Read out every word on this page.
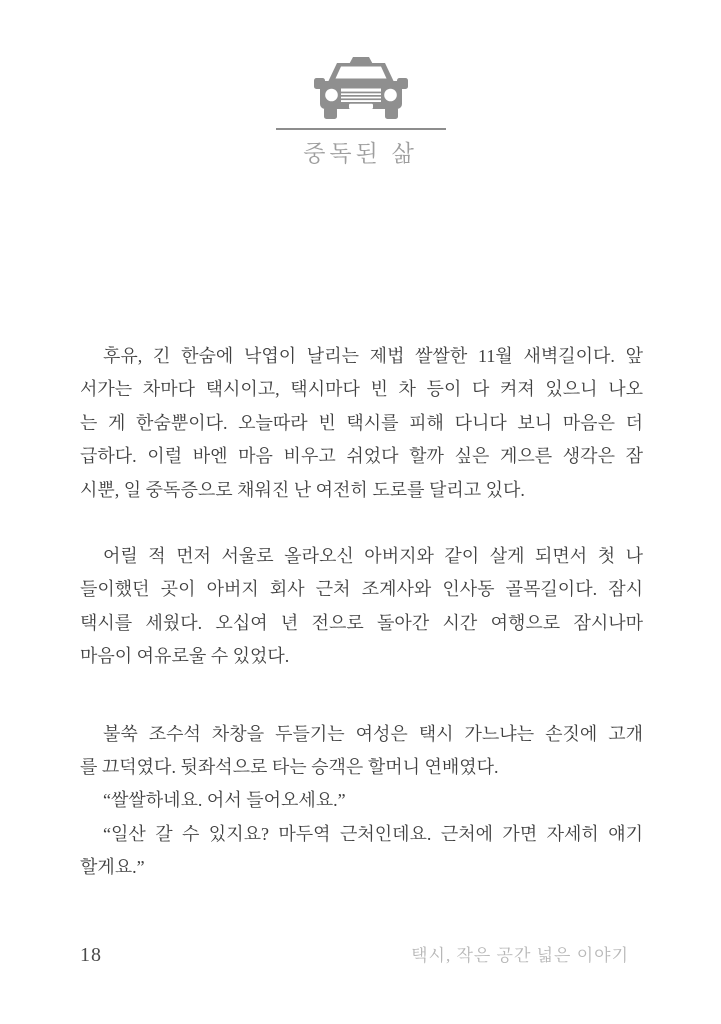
중독된 삶

후유, 긴 한숨에 낙엽이 날리는 제법 쌀쌀한 11월 새벽길이다. 앞
서가는 차마다 택시이고, 택시마다 빈 차 등이 다 켜져 있으니 나오
는 게 한숨뿐이다. 오늘따라 빈 택시를 피해 다니다 보니 마음은 더
급하다. 이럴 바엔 마음 비우고 쉬었다 할까 싶은 게으른 생각은 잠
시뿐, 일 중독증으로 채워진 난 여전히 도로를 달리고 있다.

어릴 적 먼저 서울로 올라오신 아버지와 같이 살게 되면서 첫 나
들이했던 곳이 아버지 회사 근처 조계사와 인사동 골목길이다. 잠시
택시를 세웠다. 오십여 년 전으로 돌아간 시간 여행으로 잠시나마
마음이 여유로울 수 있었다.

불쑥 조수석 차창을 두들기는 여성은 택시 가느냐는 손짓에 고개
를 끄덕였다. 뒷좌석으로 타는 승객은 할머니 연배였다.

“쌀쌀하네요. 어서 들어오세요.”

“일산 갈 수 있지요? 마두역 근처인데요. 근처에 가면 자세히 얘기
할게요.”

18	택시, 작은 공간 넓은 이야기
